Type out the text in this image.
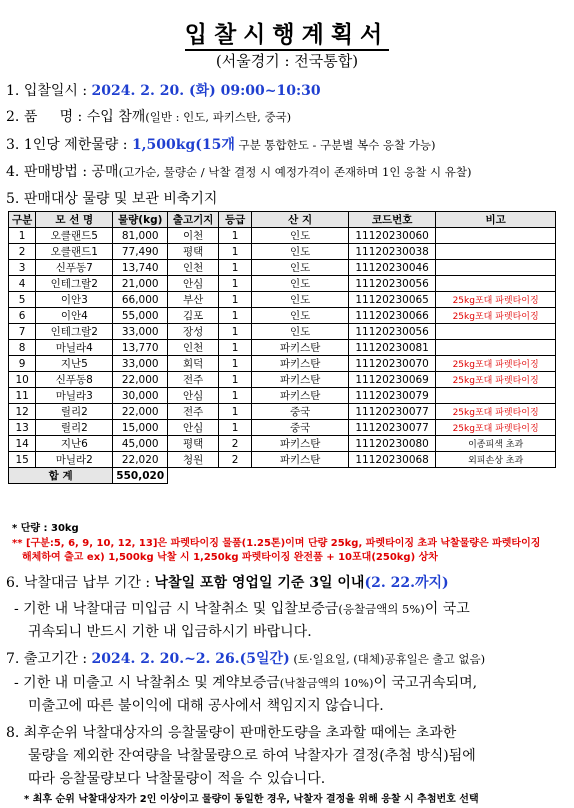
입찰시행계획서
(서울경기 : 전국통합)
1. 입찰일시 : 2024. 2. 20. (화) 09:00~10:30
2. 품     명 : 수입 참깨(일반 : 인도, 파키스탄, 중국)
3. 1인당 제한물량 : 1,500kg(15개 구분 통합한도 - 구분별 복수 응찰 가능)
4. 판매방법 : 공매(고가순, 물량순 / 낙찰 결정 시 예정가격이 존재하며 1인 응찰 시 유찰)
5. 판매대상 물량 및 보관 비축기지
구분	모 선 명	물량(kg)	출고기지	등급	산 지	코드번호	비고
1	오클랜드5	81,000	이천	1	인도	11120230060	
2	오클랜드1	77,490	평택	1	인도	11120230038	
3	신푸동7	13,740	인천	1	인도	11120230046	
4	인테그랄2	21,000	안심	1	인도	11120230056	
5	이안3	66,000	부산	1	인도	11120230065	25kg포대 파렛타이징
6	이안4	55,000	김포	1	인도	11120230066	25kg포대 파렛타이징
7	인테그랄2	33,000	장성	1	인도	11120230056	
8	마닐라4	13,770	인천	1	파키스탄	11120230081	
9	지난5	33,000	회덕	1	파키스탄	11120230070	25kg포대 파렛타이징
10	신푸동8	22,000	전주	1	파키스탄	11120230069	25kg포대 파렛타이징
11	마닐라3	30,000	안심	1	파키스탄	11120230079	
12	릴리2	22,000	전주	1	중국	11120230077	25kg포대 파렛타이징
13	릴리2	15,000	안심	1	중국	11120230077	25kg포대 파렛타이징
14	지난6	45,000	평택	2	파키스탄	11120230080	이종피색 초과
15	마닐라2	22,020	청원	2	파키스탄	11120230068	외피손상 초과
합 계		550,020					
* 단량 : 30kg
** [구분:5, 6, 9, 10, 12, 13]은 파렛타이징 물품(1.25톤)이며 단량 25kg, 파렛타이징 초과 낙찰물량은 파렛타이징
해체하여 출고 ex) 1,500kg 낙찰 시 1,250kg 파렛타이징 완전품 + 10포대(250kg) 상차
6. 낙찰대금 납부 기간 : 낙찰일 포함 영업일 기준 3일 이내(2. 22.까지)
- 기한 내 낙찰대금 미입금 시 낙찰취소 및 입찰보증금(응찰금액의 5%)이 국고
귀속되니 반드시 기한 내 입금하시기 바랍니다.
7. 출고기간 : 2024. 2. 20.~2. 26.(5일간) (토·일요일, (대체)공휴일은 출고 없음)
- 기한 내 미출고 시 낙찰취소 및 계약보증금(낙찰금액의 10%)이 국고귀속되며,
미출고에 따른 불이익에 대해 공사에서 책임지지 않습니다.
8. 최후순위 낙찰대상자의 응찰물량이 판매한도량을 초과할 때에는 초과한
물량을 제외한 잔여량을 낙찰물량으로 하여 낙찰자가 결정(추첨 방식)됨에
따라 응찰물량보다 낙찰물량이 적을 수 있습니다.
* 최후 순위 낙찰대상자가 2인 이상이고 물량이 동일한 경우, 낙찰자 결정을 위해 응찰 시 추첨번호 선택
